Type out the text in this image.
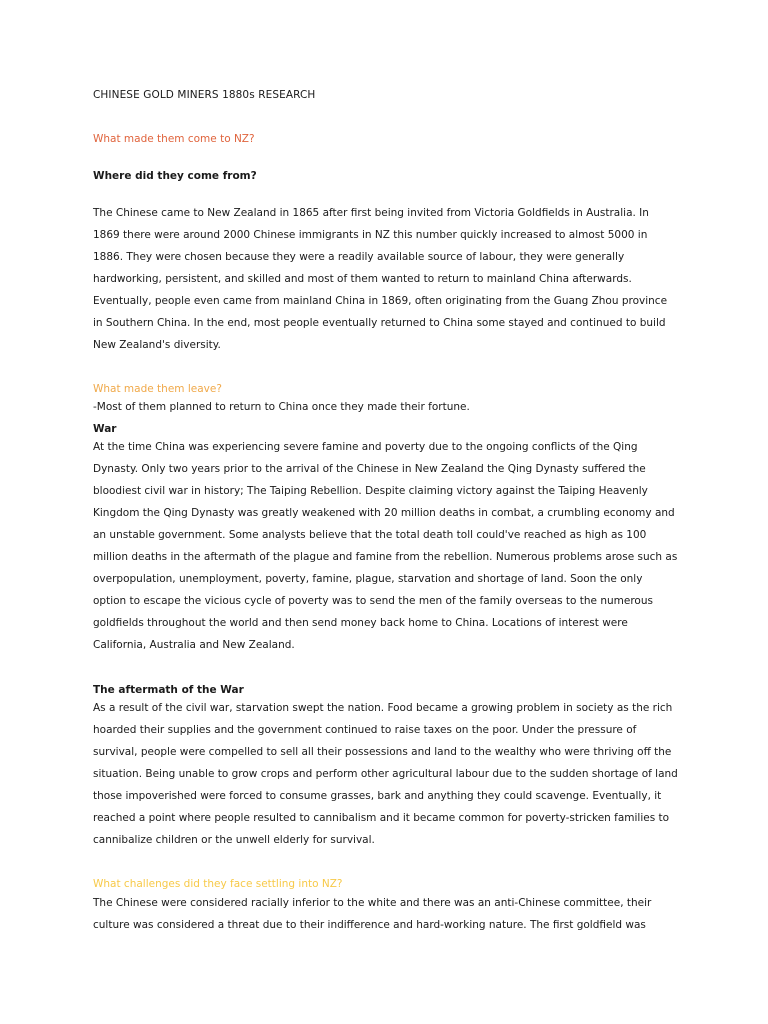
CHINESE GOLD MINERS 1880s RESEARCH
What made them come to NZ?
Where did they come from?

The Chinese came to New Zealand in 1865 after first being invited from Victoria Goldfields in Australia. In 1869 there were around 2000 Chinese immigrants in NZ this number quickly increased to almost 5000 in 1886. They were chosen because they were a readily available source of labour, they were generally hardworking, persistent, and skilled and most of them wanted to return to mainland China afterwards. Eventually, people even came from mainland China in 1869, often originating from the Guang Zhou province in Southern China. In the end, most people eventually returned to China some stayed and continued to build New Zealand's diversity.

What made them leave?

-Most of them planned to return to China once they made their fortune.

War

At the time China was experiencing severe famine and poverty due to the ongoing conflicts of the Qing Dynasty. Only two years prior to the arrival of the Chinese in New Zealand the Qing Dynasty suffered the bloodiest civil war in history; The Taiping Rebellion. Despite claiming victory against the Taiping Heavenly Kingdom the Qing Dynasty was greatly weakened with 20 million deaths in combat, a crumbling economy and an unstable government. Some analysts believe that the total death toll could've reached as high as 100 million deaths in the aftermath of the plague and famine from the rebellion. Numerous problems arose such as overpopulation, unemployment, poverty, famine, plague, starvation and shortage of land. Soon the only option to escape the vicious cycle of poverty was to send the men of the family overseas to the numerous goldfields throughout the world and then send money back home to China. Locations of interest were California, Australia and New Zealand.

The aftermath of the War

As a result of the civil war, starvation swept the nation. Food became a growing problem in society as the rich hoarded their supplies and the government continued to raise taxes on the poor. Under the pressure of survival, people were compelled to sell all their possessions and land to the wealthy who were thriving off the situation. Being unable to grow crops and perform other agricultural labour due to the sudden shortage of land those impoverished were forced to consume grasses, bark and anything they could scavenge. Eventually, it reached a point where people resulted to cannibalism and it became common for poverty-stricken families to cannibalize children or the unwell elderly for survival.

What challenges did they face settling into NZ?

The Chinese were considered racially inferior to the white and there was an anti-Chinese committee, their culture was considered a threat due to their indifference and hard-working nature. The first goldfield was
